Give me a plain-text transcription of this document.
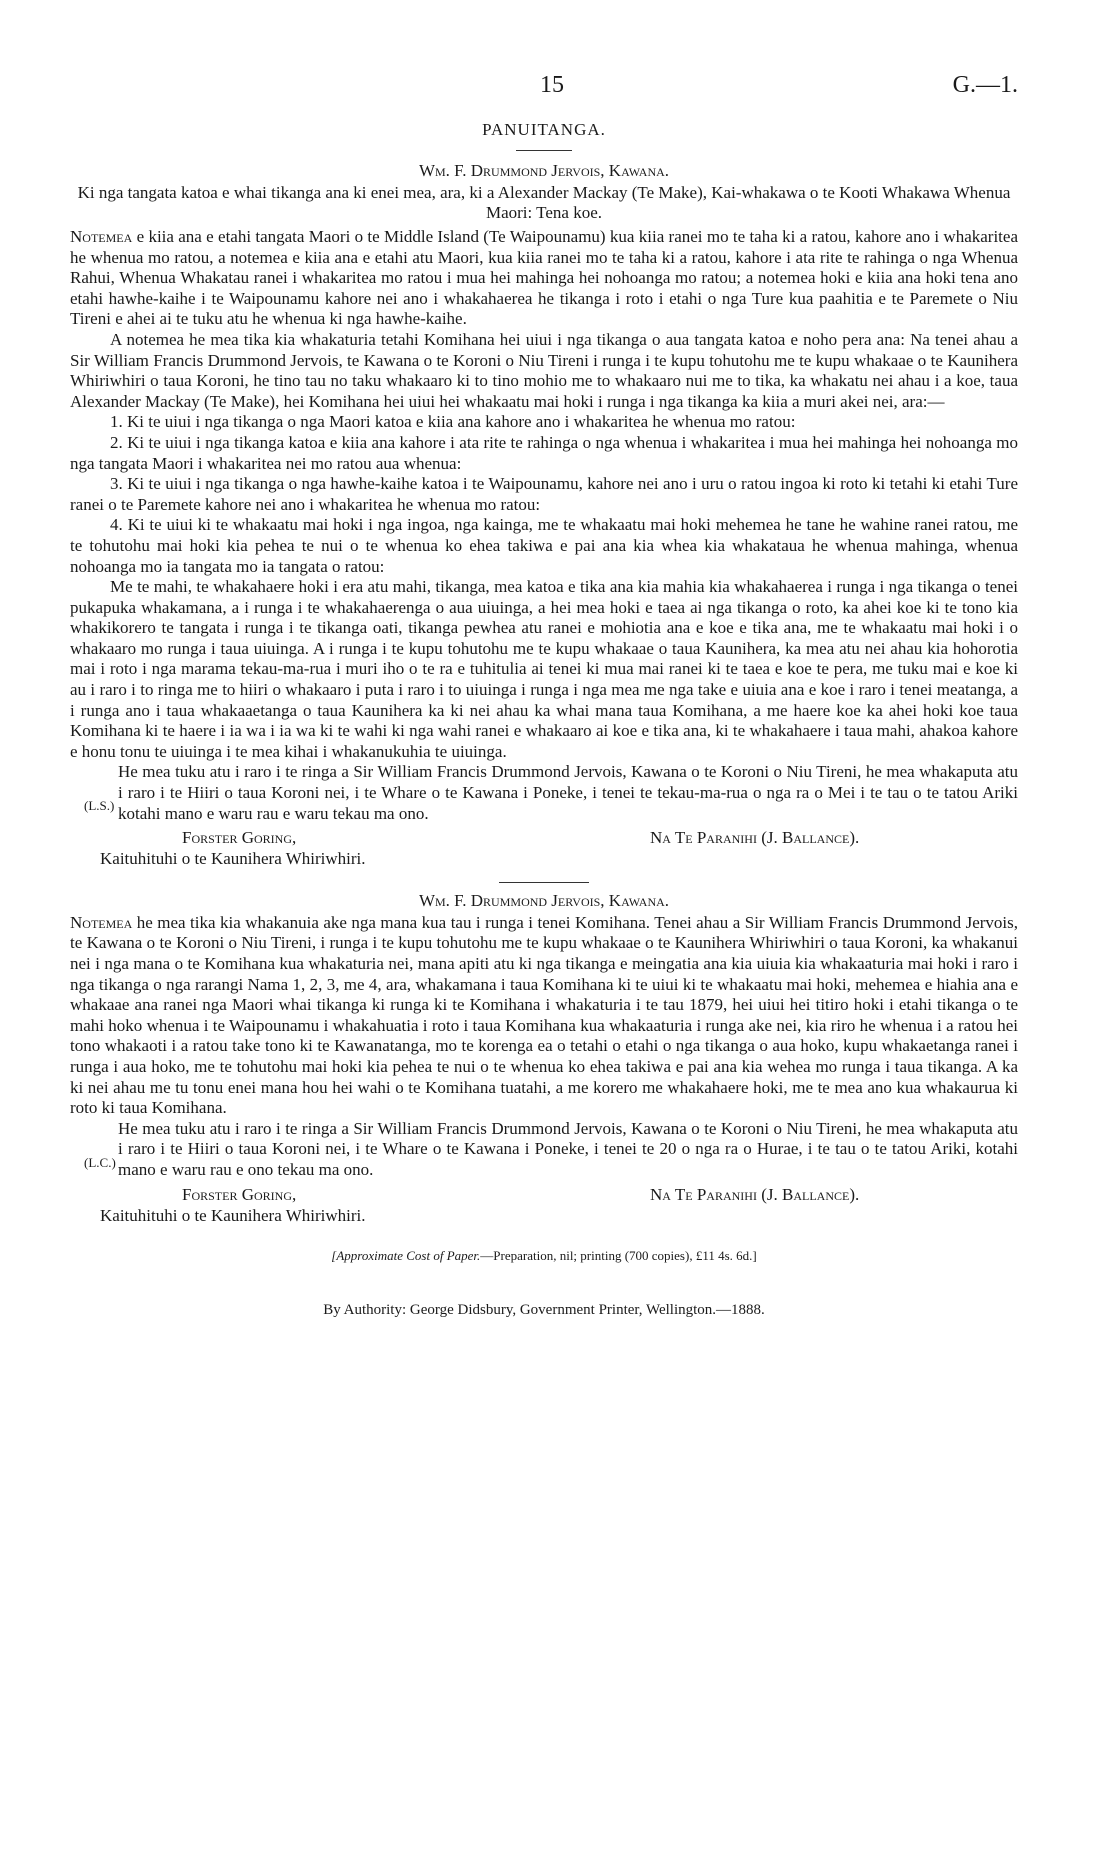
15	G.—1.
PANUITANGA.
Wm. F. Drummond Jervois, Kawana.
Ki nga tangata katoa e whai tikanga ana ki enei mea, ara, ki a Alexander Mackay (Te Make), Kai-whakawa o te Kooti Whakawa Whenua Maori: Tena koe.

Notemea e kiia ana e etahi tangata Maori o te Middle Island (Te Waipounamu) kua kiia ranei mo te taha ki a ratou, kahore ano i whakaritea he whenua mo ratou, a notemea e kiia ana e etahi atu Maori, kua kiia ranei mo te taha ki a ratou, kahore i ata rite te rahinga o nga Whenua Rahui, Whenua Whakatau ranei i whakaritea mo ratou i mua hei mahinga hei nohoanga mo ratou; a notemea hoki e kiia ana hoki tena ano etahi hawhe-kaihe i te Waipounamu kahore nei ano i whakahaerea he tikanga i roto i etahi o nga Ture kua paahitia e te Paremete o Niu Tireni e ahei ai te tuku atu he whenua ki nga hawhe-kaihe.

A notemea he mea tika kia whakaturia tetahi Komihana hei uiui i nga tikanga o aua tangata katoa e noho pera ana: Na tenei ahau a Sir William Francis Drummond Jervois, te Kawana o te Koroni o Niu Tireni i runga i te kupu tohutohu me te kupu whakaae o te Kaunihera Whiriwhiri o taua Koroni, he tino tau no taku whakaaro ki to tino mohio me to whakaaro nui me to tika, ka whakatu nei ahau i a koe, taua Alexander Mackay (Te Make), hei Komihana hei uiui hei whakaatu mai hoki i runga i nga tikanga ka kiia a muri akei nei, ara:—

1. Ki te uiui i nga tikanga o nga Maori katoa e kiia ana kahore ano i whakaritea he whenua mo ratou:

2. Ki te uiui i nga tikanga katoa e kiia ana kahore i ata rite te rahinga o nga whenua i whakaritea i mua hei mahinga hei nohoanga mo nga tangata Maori i whakaritea nei mo ratou aua whenua:

3. Ki te uiui i nga tikanga o nga hawhe-kaihe katoa i te Waipounamu, kahore nei ano i uru o ratou ingoa ki roto ki tetahi ki etahi Ture ranei o te Paremete kahore nei ano i whakaritea he whenua mo ratou:

4. Ki te uiui ki te whakaatu mai hoki i nga ingoa, nga kainga, me te whakaatu mai hoki mehemea he tane he wahine ranei ratou, me te tohutohu mai hoki kia pehea te nui o te whenua ko ehea takiwa e pai ana kia whea kia whakatauа he whenua mahinga, whenua nohoanga mo ia tangata mo ia tangata o ratou:

Me te mahi, te whakahaere hoki i era atu mahi, tikanga, mea katoa e tika ana kia mahia kia whakahaerea i runga i nga tikanga o tenei pukapuka whakamana, a i runga i te whakahaerenga o aua uiuinga, a hei mea hoki e taea ai nga tikanga o roto, ka ahei koe ki te tono kia whakikorero te tangata i runga i te tikanga oati, tikanga pewhea atu ranei e mohiotia ana e koe e tika ana, me te whakaatu mai hoki i o whakaaro mo runga i taua uiuinga. A i runga i te kupu tohutohu me te kupu whakaae o taua Kaunihera, ka mea atu nei ahau kia hohorotia mai i roto i nga marama tekau-ma-rua i muri iho o te ra e tuhitulia ai tenei ki mua mai ranei ki te taea e koe te pera, me tuku mai e koe ki au i raro i to ringa me to hiiri o whakaaro i puta i raro i to uiuinga i runga i nga mea me nga take e uiuia ana e koe i raro i tenei meatanga, a i runga ano i taua whakaaetanga o taua Kaunihera ka ki nei ahau ka whai mana taua Komihana, a me haere koe ka ahei hoki koe taua Komihana ki te haere i ia wa i ia wa ki te wahi ki nga wahi ranei e whakaaro ai koe e tika ana, ki te whakahaere i taua mahi, ahakoa kahore e honu tonu te uiuinga i te mea kihai i whakanukuhia te uiuinga.

(L.S.)
He mea tuku atu i raro i te ringa a Sir William Francis Drummond Jervois, Kawana o te Koroni o Niu Tireni, he mea whakaputa atu i raro i te Hiiri o taua Koroni nei, i te Whare o te Kawana i Poneke, i tenei te tekau-ma-rua o nga ra o Mei i te tau o te tatou Ariki kotahi mano e waru rau e waru tekau ma ono.
Forster Goring,	Na Te Paranihi (J. Ballance).
Kaituhituhi o te Kaunihera Whiriwhiri.
Wm. F. Drummond Jervois, Kawana.

Notemea he mea tika kia whakanuia ake nga mana kua tau i runga i tenei Komihana. Tenei ahau a Sir William Francis Drummond Jervois, te Kawana o te Koroni o Niu Tireni, i runga i te kupu tohutohu me te kupu whakaae o te Kaunihera Whiriwhiri o taua Koroni, ka whakanui nei i nga mana o te Komihana kua whakaturia nei, mana apiti atu ki nga tikanga e meingatia ana kia uiuia kia whakaaturia mai hoki i raro i nga tikanga o nga rarangi Nama 1, 2, 3, me 4, ara, whakamana i taua Komihana ki te uiui ki te whakaatu mai hoki, mehemea e hiahia ana e whakaae ana ranei nga Maori whai tikanga ki runga ki te Komihana i whakaturia i te tau 1879, hei uiui hei titiro hoki i etahi tikanga o te mahi hoko whenua i te Waipounamu i whakahuatia i roto i taua Komihana kua whakaaturia i runga ake nei, kia riro he whenua i a ratou hei tono whakaoti i a ratou take tono ki te Kawanatanga, mo te korenga ea o tetahi o etahi o nga tikanga o aua hoko, kupu whakaetanga ranei i runga i aua hoko, me te tohutohu mai hoki kia pehea te nui o te whenua ko ehea takiwa e pai ana kia wehea mo runga i taua tikanga. A ka ki nei ahau me tu tonu enei mana hou hei wahi o te Komihana tuatahi, a me korero me whakahaere hoki, me te mea ano kua whakaurua ki roto ki taua Komihana.

(L.C.)
He mea tuku atu i raro i te ringa a Sir William Francis Drummond Jervois, Kawana o te Koroni o Niu Tireni, he mea whakaputa atu i raro i te Hiiri o taua Koroni nei, i te Whare o te Kawana i Poneke, i tenei te 20 o nga ra o Hurae, i te tau o te tatou Ariki, kotahi mano e waru rau e ono tekau ma ono.
Forster Goring,	Na Te Paranihi (J. Ballance).
Kaituhituhi o te Kaunihera Whiriwhiri.
[Approximate Cost of Paper.—Preparation, nil; printing (700 copies), £11 4s. 6d.]
By Authority: George Didsbury, Government Printer, Wellington.—1888.
